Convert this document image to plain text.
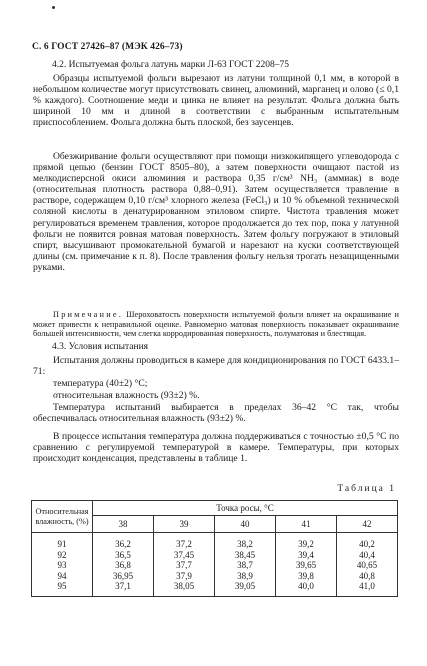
С. 6 ГОСТ 27426–87 (МЭК 426–73)
4.2. Испытуемая фольга латунь марки Л-63 ГОСТ 2208–75

Образцы испытуемой фольги вырезают из латуни толщиной 0,1 мм, в которой в небольшом количестве могут присутствовать свинец, алюминий, марганец и олово (≤ 0,1 % каждого). Соотношение меди и цинка не влияет на результат. Фольга должна быть шириной 10 мм и длиной в соответствии с выбранным испытательным приспособлением. Фольга должна быть плоской, без заусенцев.

Обезжиривание фольги осуществляют при помощи низкокипящего углеводорода с прямой цепью (бензин ГОСТ 8505–80), а затем поверхности очищают пастой из мелкодисперсной окиси алюминия и раствора 0,35 г/см³ NH₃ (аммиак) в воде (относительная плотность раствора 0,88–0,91). Затем осуществляется травление в растворе, содержащем 0,10 г/см³ хлорного железа (FeCl₃) и 10 % объемной технической соляной кислоты в денатурированном этиловом спирте. Чистота травления может регулироваться временем травления, которое продолжается до тех пор, пока у латунной фольги не появится ровная матовая поверхность. Затем фольгу погружают в этиловый спирт, высушивают промокательной бумагой и нарезают на куски соответствующей длины (см. примечание к п. 8). После травления фольгу нельзя трогать незащищенными руками.

Примечание. Шероховатость поверхности испытуемой фольги влияет на окрашивание и может привести к неправильной оценке. Равномерно матовая поверхность показывает окрашивание большей интенсивности, чем слегка корродированная поверхность, полуматовая и блестящая.

4.3. Условия испытания

Испытания должны проводиться в камере для кондиционирования по ГОСТ 6433.1–71:

температура (40±2) °С;
относительная влажность (93±2) %.

Температура испытаний выбирается в пределах 36–42 °С так, чтобы обеспечивалась относительная влажность (93±2) %.

В процессе испытания температура должна поддерживаться с точностью ±0,5 °С по сравнению с регулируемой температурой в камере. Температуры, при которых происходит конденсация, представлены в таблице 1.

Таблица 1
Относительная влажность, (%)	Точка росы, °С				
	38	39	40	41	42
91	36,2	37,2	38,2	39,2	40,2
92	36,5	37,45	38,45	39,4	40,4
93	36,8	37,7	38,7	39,65	40,65
94	36,95	37,9	38,9	39,8	40,8
95	37,1	38,05	39,05	40,0	41,0
